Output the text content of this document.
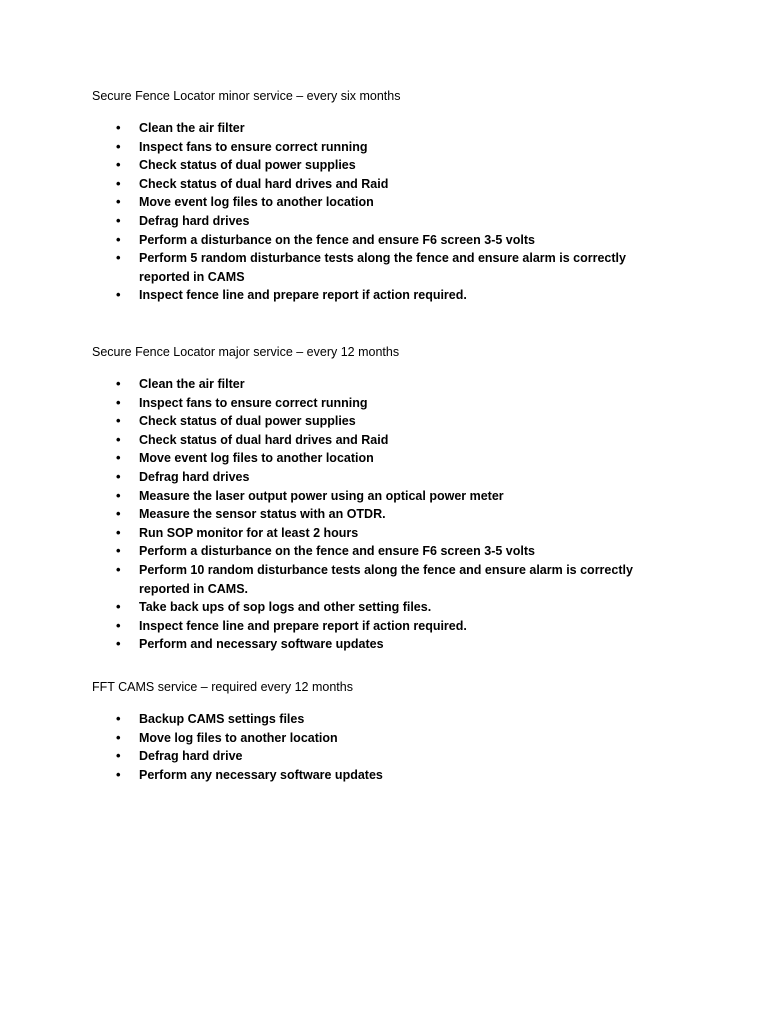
Secure Fence Locator minor service – every six months

• Clean the air filter
• Inspect fans to ensure correct running
• Check status of dual power supplies
• Check status of dual hard drives and Raid
• Move event log files to another location
• Defrag hard drives
• Perform a disturbance on the fence and ensure F6 screen 3-5 volts
• Perform 5 random disturbance tests along the fence and ensure alarm is correctly reported in CAMS
• Inspect fence line and prepare report if action required.

Secure Fence Locator major service – every 12 months

• Clean the air filter
• Inspect fans to ensure correct running
• Check status of dual power supplies
• Check status of dual hard drives and Raid
• Move event log files to another location
• Defrag hard drives
• Measure the laser output power using an optical power meter
• Measure the sensor status with an OTDR.
• Run SOP monitor for at least 2 hours
• Perform a disturbance on the fence and ensure F6 screen 3-5 volts
• Perform 10 random disturbance tests along the fence and ensure alarm is correctly reported in CAMS.
• Take back ups of sop logs and other setting files.
• Inspect fence line and prepare report if action required.
• Perform and necessary software updates

FFT CAMS service – required every 12 months

• Backup CAMS settings files
• Move log files to another location
• Defrag hard drive
• Perform any necessary software updates
